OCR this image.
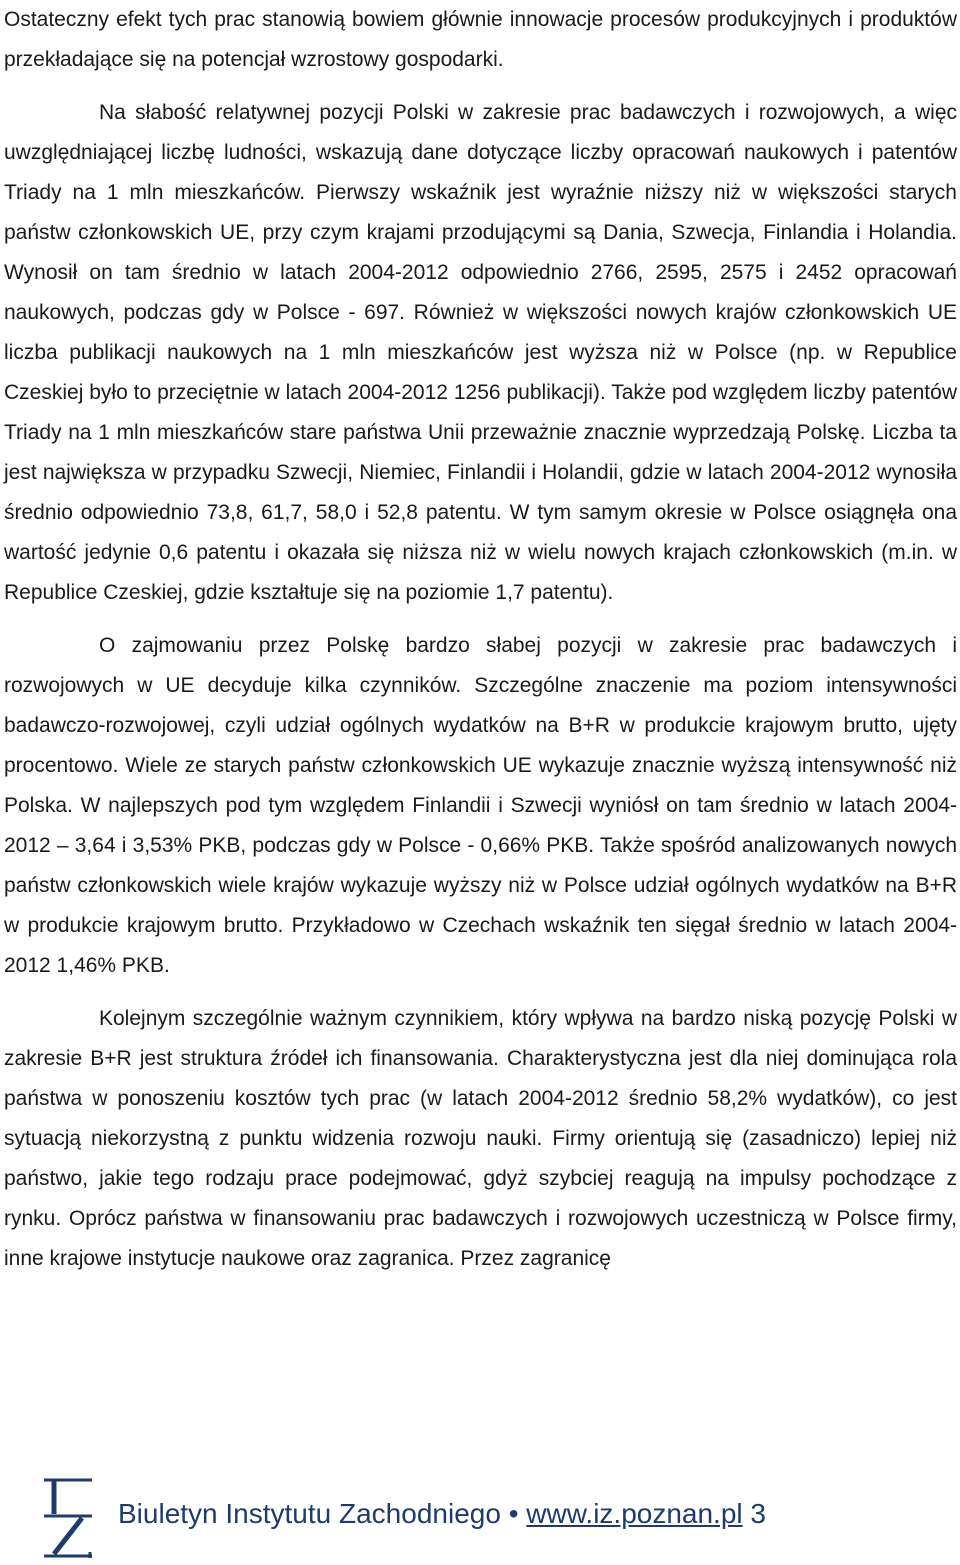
Ostateczny efekt tych prac stanowią bowiem głównie innowacje procesów produkcyjnych i produktów przekładające się na potencjał wzrostowy gospodarki.

Na słabość relatywnej pozycji Polski w zakresie prac badawczych i rozwojowych, a więc uwzględniającej liczbę ludności, wskazują dane dotyczące liczby opracowań naukowych i patentów Triady na 1 mln mieszkańców. Pierwszy wskaźnik jest wyraźnie niższy niż w większości starych państw członkowskich UE, przy czym krajami przodującymi są Dania, Szwecja, Finlandia i Holandia. Wynosił on tam średnio w latach 2004-2012 odpowiednio 2766, 2595, 2575 i 2452 opracowań naukowych, podczas gdy w Polsce - 697. Również w większości nowych krajów członkowskich UE liczba publikacji naukowych na 1 mln mieszkańców jest wyższa niż w Polsce (np. w Republice Czeskiej było to przeciętnie w latach 2004-2012 1256 publikacji). Także pod względem liczby patentów Triady na 1 mln mieszkańców stare państwa Unii przeważnie znacznie wyprzedzają Polskę. Liczba ta jest największa w przypadku Szwecji, Niemiec, Finlandii i Holandii, gdzie w latach 2004-2012 wynosiła średnio odpowiednio 73,8, 61,7, 58,0 i 52,8 patentu. W tym samym okresie w Polsce osiągnęła ona wartość jedynie 0,6 patentu i okazała się niższa niż w wielu nowych krajach członkowskich (m.in. w Republice Czeskiej, gdzie kształtuje się na poziomie 1,7 patentu).

O zajmowaniu przez Polskę bardzo słabej pozycji w zakresie prac badawczych i rozwojowych w UE decyduje kilka czynników. Szczególne znaczenie ma poziom intensywności badawczo-rozwojowej, czyli udział ogólnych wydatków na B+R w produkcie krajowym brutto, ujęty procentowo. Wiele ze starych państw członkowskich UE wykazuje znacznie wyższą intensywność niż Polska. W najlepszych pod tym względem Finlandii i Szwecji wyniósł on tam średnio w latach 2004-2012 – 3,64 i 3,53% PKB, podczas gdy w Polsce - 0,66% PKB. Także spośród analizowanych nowych państw członkowskich wiele krajów wykazuje wyższy niż w Polsce udział ogólnych wydatków na B+R w produkcie krajowym brutto. Przykładowo w Czechach wskaźnik ten sięgał średnio w latach 2004-2012 1,46% PKB.

Kolejnym szczególnie ważnym czynnikiem, który wpływa na bardzo niską pozycję Polski w zakresie B+R jest struktura źródeł ich finansowania. Charakterystyczna jest dla niej dominująca rola państwa w ponoszeniu kosztów tych prac (w latach 2004-2012 średnio 58,2% wydatków), co jest sytuacją niekorzystną z punktu widzenia rozwoju nauki. Firmy orientują się (zasadniczo) lepiej niż państwo, jakie tego rodzaju prace podejmować, gdyż szybciej reagują na impulsy pochodzące z rynku. Oprócz państwa w finansowaniu prac badawczych i rozwojowych uczestniczą w Polsce firmy, inne krajowe instytucje naukowe oraz zagranica. Przez zagranicę

Biuletyn Instytutu Zachodniego • www.iz.poznan.pl 3
